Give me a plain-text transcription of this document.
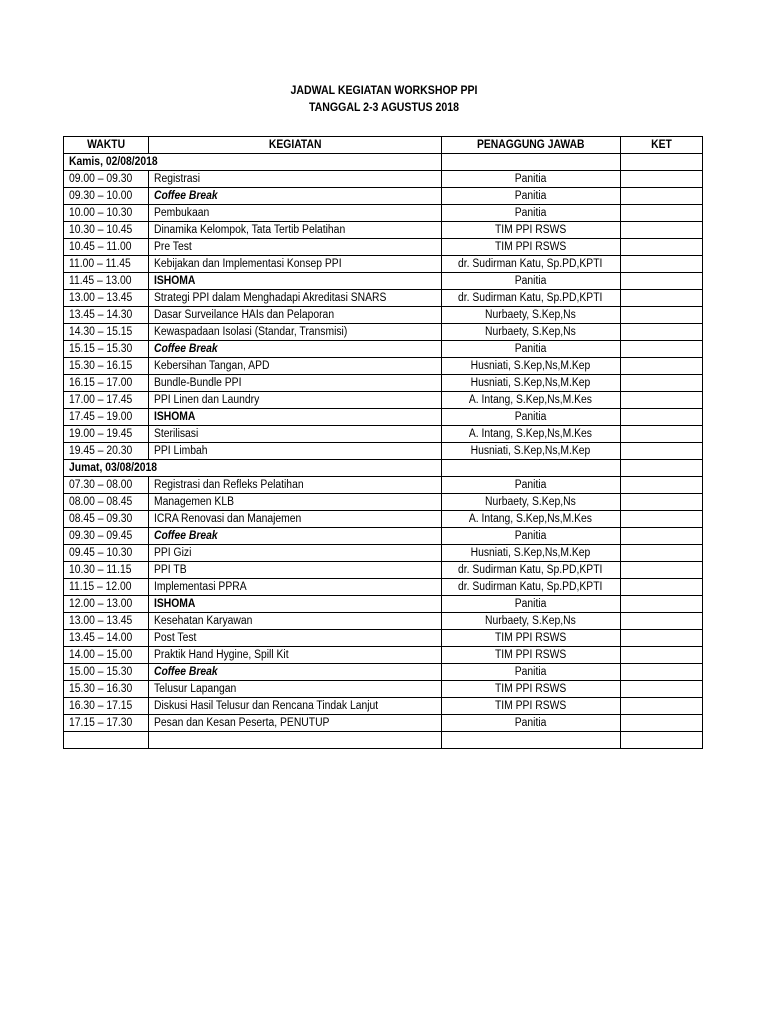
JADWAL KEGIATAN WORKSHOP PPI
TANGGAL 2-3 AGUSTUS 2018
WAKTU	KEGIATAN	PENAGGUNG JAWAB	KET
Kamis, 02/08/2018			
09.00 – 09.30	Registrasi	Panitia	
09.30 – 10.00	Coffee Break	Panitia	
10.00 – 10.30	Pembukaan	Panitia	
10.30 – 10.45	Dinamika Kelompok, Tata Tertib Pelatihan	TIM PPI RSWS	
10.45 – 11.00	Pre Test	TIM PPI RSWS	
11.00 – 11.45	Kebijakan dan Implementasi Konsep PPI	dr. Sudirman Katu, Sp.PD,KPTI	
11.45 – 13.00	ISHOMA	Panitia	
13.00 – 13.45	Strategi PPI dalam Menghadapi Akreditasi SNARS	dr. Sudirman Katu, Sp.PD,KPTI	
13.45 – 14.30	Dasar Surveilance HAIs dan Pelaporan	Nurbaety, S.Kep,Ns	
14.30 – 15.15	Kewaspadaan Isolasi (Standar, Transmisi)	Nurbaety, S.Kep,Ns	
15.15 – 15.30	Coffee Break	Panitia	
15.30 – 16.15	Kebersihan Tangan, APD	Husniati, S.Kep,Ns,M.Kep	
16.15 – 17.00	Bundle-Bundle PPI	Husniati, S.Kep,Ns,M.Kep	
17.00 – 17.45	PPI Linen dan Laundry	A. Intang, S.Kep,Ns,M.Kes	
17.45 – 19.00	ISHOMA	Panitia	
19.00 – 19.45	Sterilisasi	A. Intang, S.Kep,Ns,M.Kes	
19.45 – 20.30	PPI Limbah	Husniati, S.Kep,Ns,M.Kep	
Jumat, 03/08/2018			
07.30 – 08.00	Registrasi dan Refleks Pelatihan	Panitia	
08.00 – 08.45	Managemen KLB	Nurbaety, S.Kep,Ns	
08.45 – 09.30	ICRA Renovasi dan Manajemen	A. Intang, S.Kep,Ns,M.Kes	
09.30 – 09.45	Coffee Break	Panitia	
09.45 – 10.30	PPI Gizi	Husniati, S.Kep,Ns,M.Kep	
10.30 – 11.15	PPI TB	dr. Sudirman Katu, Sp.PD,KPTI	
11.15 – 12.00	Implementasi PPRA	dr. Sudirman Katu, Sp.PD,KPTI	
12.00 – 13.00	ISHOMA	Panitia	
13.00 – 13.45	Kesehatan Karyawan	Nurbaety, S.Kep,Ns	
13.45 – 14.00	Post Test	TIM PPI RSWS	
14.00 – 15.00	Praktik Hand Hygine, Spill Kit	TIM PPI RSWS	
15.00 – 15.30	Coffee Break	Panitia	
15.30 – 16.30	Telusur Lapangan	TIM PPI RSWS	
16.30 – 17.15	Diskusi Hasil Telusur dan Rencana Tindak Lanjut	TIM PPI RSWS	
17.15 – 17.30	Pesan dan Kesan Peserta, PENUTUP	Panitia	
